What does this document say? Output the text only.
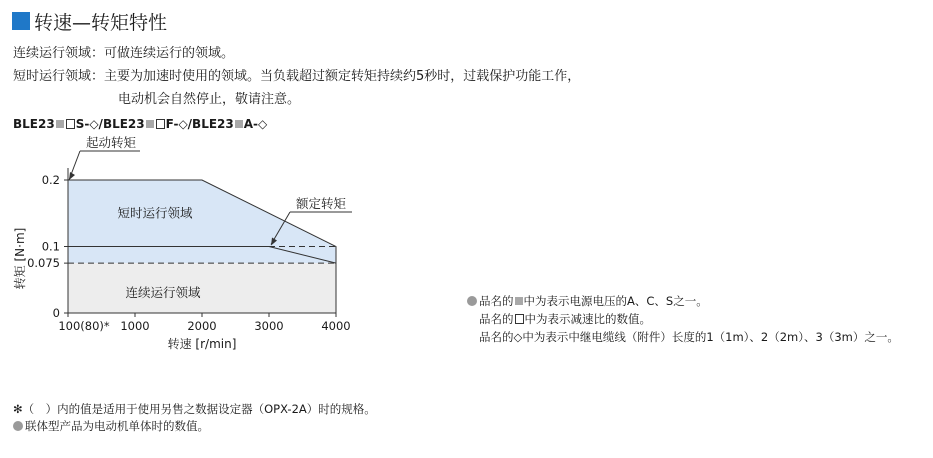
转速—转矩特性
连续运行领域：可做连续运行的领域。
短时运行领域：主要为加速时使用的领域。当负载超过额定转矩持续约5秒时，过载保护功能工作，
电动机会自然停止，敬请注意。
BLE23 S-◇/BLE23 F-◇/BLE23 A-◇
100(80)* 1000	2000	3000	4000
0
0.075
0.1
0.2
转速 [r/min]
转矩 [N·m]
短时运行领域
连续运行领域
起动转矩
额定转矩
品名的 中为表示电源电压的A、C、S之一。
品名的 中为表示减速比的数值。
品名的◇中为表示中继电缆线（附件）长度的1（1m）、2（2m）、3（3m）之一。
✻（　）内的值是适用于使用另售之数据设定器（OPX-2A）时的规格。
联体型产品为电动机单体时的数值。
